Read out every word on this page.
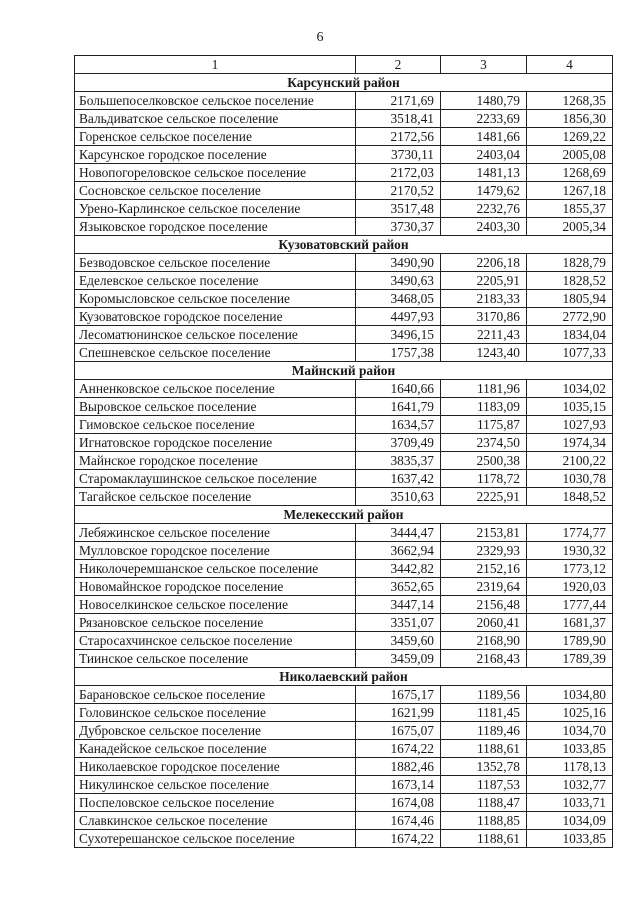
6
1	2	3	4
Карсунский район			
Большепоселковское сельское поселение	2171,69	1480,79	1268,35
Вальдиватское сельское поселение	3518,41	2233,69	1856,30
Горенское сельское поселение	2172,56	1481,66	1269,22
Карсунское городское поселение	3730,11	2403,04	2005,08
Новопогореловское сельское поселение	2172,03	1481,13	1268,69
Сосновское сельское поселение	2170,52	1479,62	1267,18
Урено-Карлинское сельское поселение	3517,48	2232,76	1855,37
Языковское городское поселение	3730,37	2403,30	2005,34
Кузоватовский район			
Безводовское сельское поселение	3490,90	2206,18	1828,79
Еделевское сельское поселение	3490,63	2205,91	1828,52
Коромысловское сельское поселение	3468,05	2183,33	1805,94
Кузоватовское городское поселение	4497,93	3170,86	2772,90
Лесоматюнинское сельское поселение	3496,15	2211,43	1834,04
Спешневское сельское поселение	1757,38	1243,40	1077,33
Майнский район			
Анненковское сельское поселение	1640,66	1181,96	1034,02
Выровское сельское поселение	1641,79	1183,09	1035,15
Гимовское сельское поселение	1634,57	1175,87	1027,93
Игнатовское городское поселение	3709,49	2374,50	1974,34
Майнское городское поселение	3835,37	2500,38	2100,22
Старомаклаушинское сельское поселение	1637,42	1178,72	1030,78
Тагайское сельское поселение	3510,63	2225,91	1848,52
Мелекесский район			
Лебяжинское сельское поселение	3444,47	2153,81	1774,77
Мулловское городское поселение	3662,94	2329,93	1930,32
Николочеремшанское сельское поселение	3442,82	2152,16	1773,12
Новомайнское городское поселение	3652,65	2319,64	1920,03
Новоселкинское сельское поселение	3447,14	2156,48	1777,44
Рязановское сельское поселение	3351,07	2060,41	1681,37
Старосахчинское сельское поселение	3459,60	2168,90	1789,90
Тиинское сельское поселение	3459,09	2168,43	1789,39
Николаевский район			
Барановское сельское поселение	1675,17	1189,56	1034,80
Головинское сельское поселение	1621,99	1181,45	1025,16
Дубровское сельское поселение	1675,07	1189,46	1034,70
Канадейское сельское поселение	1674,22	1188,61	1033,85
Николаевское городское поселение	1882,46	1352,78	1178,13
Никулинское сельское поселение	1673,14	1187,53	1032,77
Поспеловское сельское поселение	1674,08	1188,47	1033,71
Славкинское сельское поселение	1674,46	1188,85	1034,09
Сухотерешанское сельское поселение	1674,22	1188,61	1033,85
